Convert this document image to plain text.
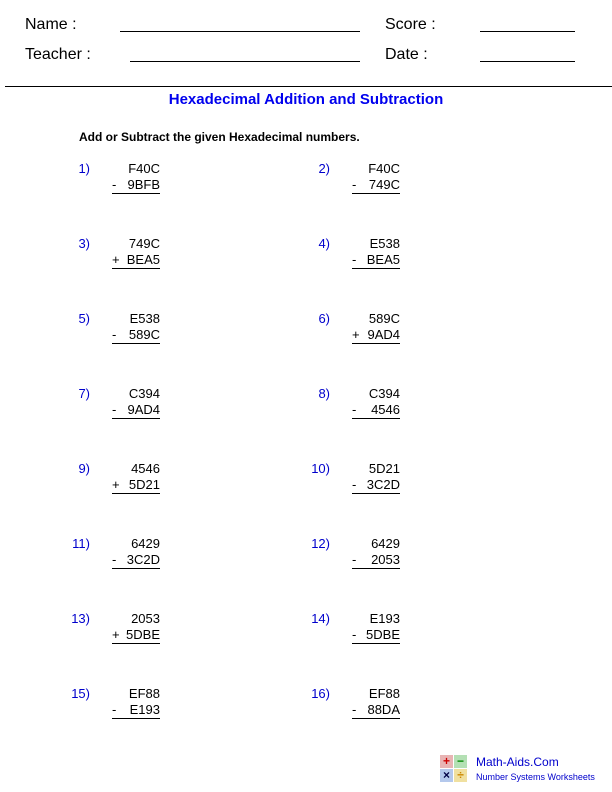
Name :	Score :
Teacher :	Date :
Hexadecimal Addition and Subtraction
Add or Subtract the given Hexadecimal numbers.
1)	F40C
- 9BFB
2)	F40C
- 749C
3)	749C
+ BEA5
4)	E538
- BEA5
5)	E538
- 589C
6)	589C
+ 9AD4
7)	C394
- 9AD4
8)	C394
- 4546
9)	4546
+ 5D21
10)	5D21
- 3C2D
11)	6429
- 3C2D
12)	6429
- 2053
13)	2053
+ 5DBE
14)	E193
- 5DBE
15)	EF88
- E193
16)	EF88
- 88DA
+ −
× ÷
Math-Aids.Com
Number Systems Worksheets
